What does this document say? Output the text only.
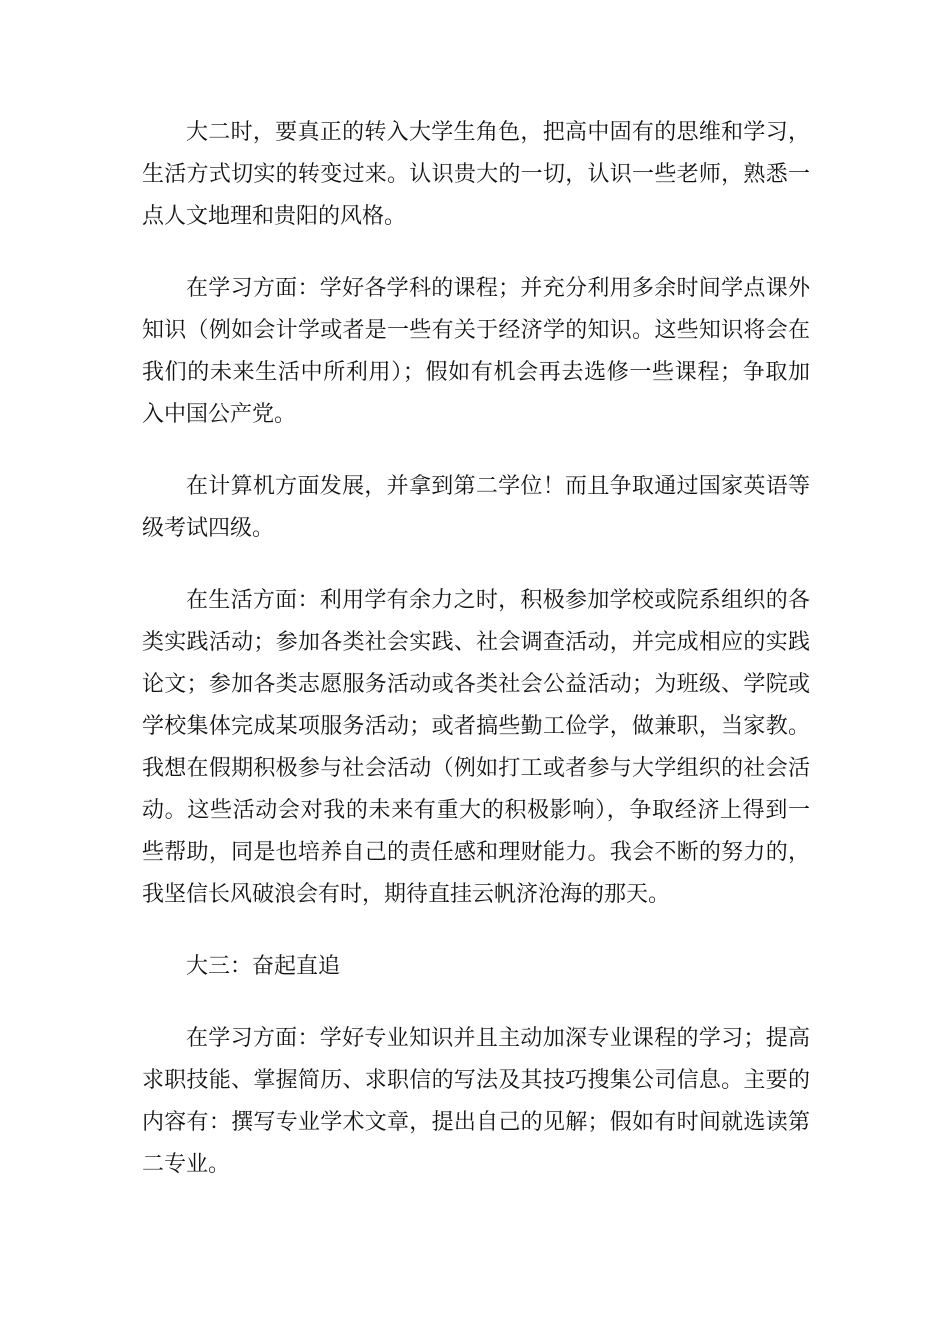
大二时，要真正的转入大学生角色，把高中固有的思维和学习，生活方式切实的转变过来。认识贵大的一切，认识一些老师，熟悉一点人文地理和贵阳的风格。

在学习方面：学好各学科的课程；并充分利用多余时间学点课外知识（例如会计学或者是一些有关于经济学的知识。这些知识将会在我们的未来生活中所利用）；假如有机会再去选修一些课程；争取加入中国公产党。

在计算机方面发展，并拿到第二学位！而且争取通过国家英语等级考试四级。

在生活方面：利用学有余力之时，积极参加学校或院系组织的各类实践活动；参加各类社会实践、社会调查活动，并完成相应的实践论文；参加各类志愿服务活动或各类社会公益活动；为班级、学院或学校集体完成某项服务活动；或者搞些勤工俭学，做兼职，当家教。我想在假期积极参与社会活动（例如打工或者参与大学组织的社会活动。这些活动会对我的未来有重大的积极影响），争取经济上得到一些帮助，同是也培养自己的责任感和理财能力。我会不断的努力的，我坚信长风破浪会有时，期待直挂云帆济沧海的那天。

大三：奋起直追

在学习方面：学好专业知识并且主动加深专业课程的学习；提高求职技能、掌握简历、求职信的写法及其技巧搜集公司信息。主要的内容有：撰写专业学术文章，提出自己的见解；假如有时间就选读第二专业。
